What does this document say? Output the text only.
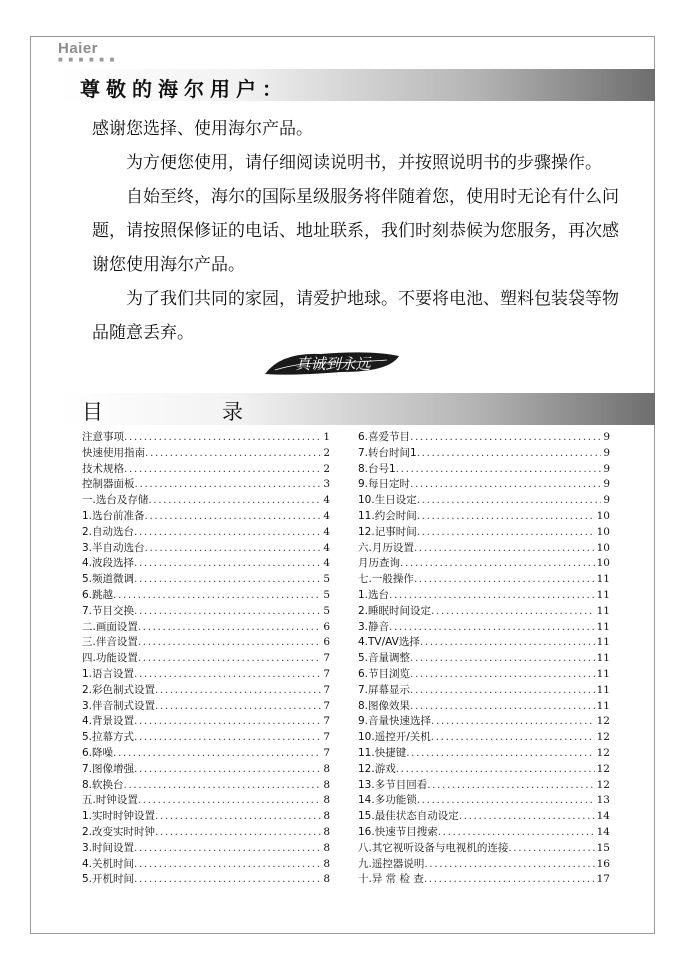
Haier
■ ■ ■ ■ ■ ■
尊敬的海尔用户：

感谢您选择、使用海尔产品。

为方便您使用，请仔细阅读说明书，并按照说明书的步骤操作。

自始至终，海尔的国际星级服务将伴随着您，使用时无论有什么问题，请按照保修证的电话、地址联系，我们时刻恭候为您服务，再次感谢您使用海尔产品。

为了我们共同的家园，请爱护地球。不要将电池、塑料包装袋等物品随意丢弃。

真诚到永远
目	录
注意事项 .....	1
快速使用指南 .....	2
技术规格 .....	2
控制器面板 .....	3
一.选台及存储 .....	4
1.选台前准备 .....	4
2.自动选台 .....	4
3.半自动选台 .....	4
4.波段选择 .....	4
5.频道微调 .....	5
6.跳越 .....	5
7.节目交换 .....	5
二.画面设置 .....	6
三.伴音设置 .....	6
四.功能设置 .....	7
1.语言设置 .....	7
2.彩色制式设置 .....	7
3.伴音制式设置 .....	7
4.背景设置 .....	7
5.拉幕方式 .....	7
6.降噪 .....	7
7.图像增强 .....	8
8.软换台 .....	8
五.时钟设置 .....	8
1.实时时钟设置 .....	8
2.改变实时时钟 .....	8
3.时间设置 .....	8
4.关机时间 .....	8
5.开机时间 .....	8
6.喜爱节目 .....	9
7.转台时间1 .....	9
8.台号1 .....	9
9.每日定时 .....	9
10.生日设定 .....	9
11.约会时间 .....	10
12.记事时间 .....	10
六.月历设置 .....	10
月历查询 .....	10
七.一般操作 .....	11
1.选台 .....	11
2.睡眠时间设定 .....	11
3.静音 .....	11
4.TV/AV选择 .....	11
5.音量调整 .....	11
6.节目浏览 .....	11
7.屏幕显示 .....	11
8.图像效果 .....	11
9.音量快速选择 .....	12
10.遥控开/关机 .....	12
11.快捷键 .....	12
12.游戏 .....	12
13.多节目回看 .....	12
14.多功能锁 .....	13
15.最佳状态自动设定 .....	14
16.快速节目搜索 .....	14
八.其它视听设备与电视机的连接 .....	15
九.遥控器说明 .....	16
十.异 常 检 查 .....	17
